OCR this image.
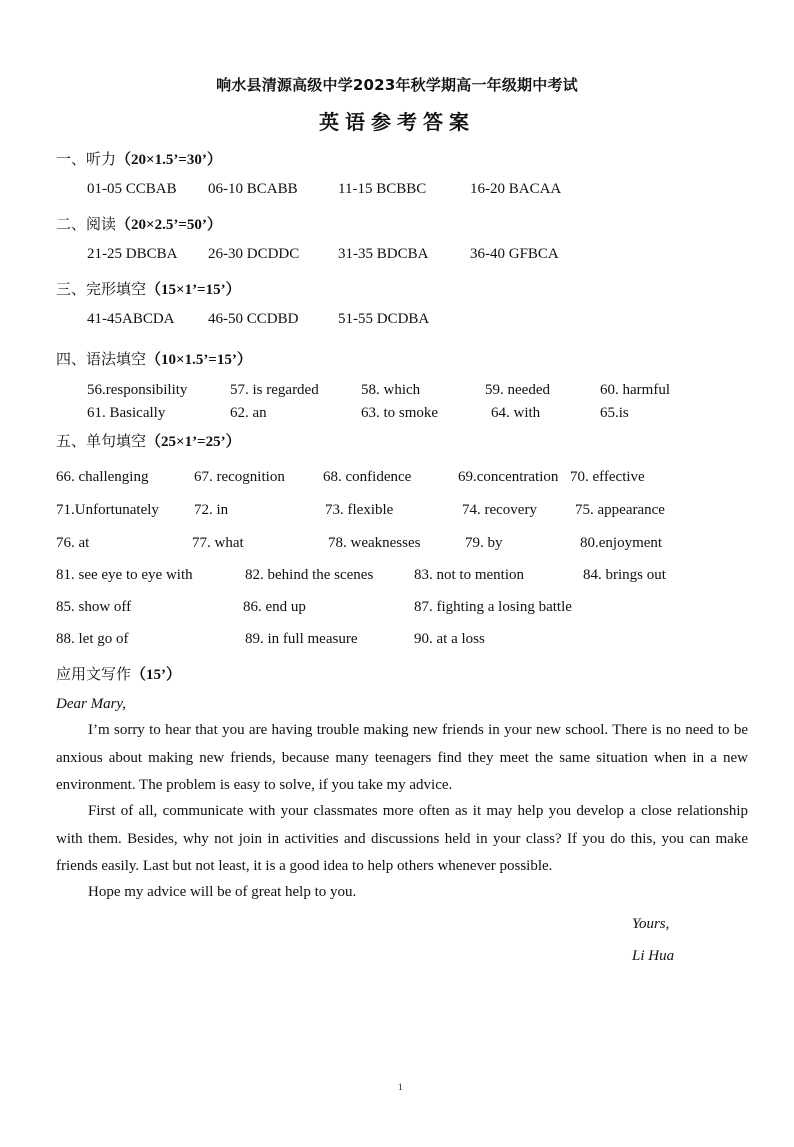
响水县清源高级中学2023年秋学期高一年级期中考试
英语参考答案
一、听力（20×1.5’=30’）
01-05 CCBAB 06-10 BCABB	11-15 BCBBC	16-20 BACAA
二、阅读（20×2.5’=50’）
21-25 DBCBA 26-30 DCDDC	31-35 BDCBA	36-40 GFBCA
三、完形填空（15×1’=15’）
41-45ABCDA 46-50 CCDBD	51-55 DCDBA
四、语法填空（10×1.5’=15’）
56.responsibility	57. is regarded	58. which	59. needed	60. harmful
61. Basically	62. an	63. to smoke	64. with	65.is
五、单句填空（25×1’=25’）
66. challenging	67. recognition	68. confidence	69.concentration 70. effective
71.Unfortunately 72. in	73. flexible	74. recovery	75. appearance
76. at	77. what	78. weaknesses	79. by	80.enjoyment
81. see eye to eye with	82. behind the scenes	83. not to mention	84. brings out
85. show off	86. end up	87. fighting a losing battle
88. let go of	89. in full measure	90. at a loss
应用文写作（15’）
Dear Mary,
I’m sorry to hear that you are having trouble making new friends in your new school. There is no need to be anxious about making new friends, because many teenagers find they meet the same situation when in a new environment. The problem is easy to solve, if you take my advice.
First of all, communicate with your classmates more often as it may help you develop a close relationship with them. Besides, why not join in activities and discussions held in your class? If you do this, you can make friends easily. Last but not least, it is a good idea to help others whenever possible.
Hope my advice will be of great help to you.
Yours,
Li Hua
1
